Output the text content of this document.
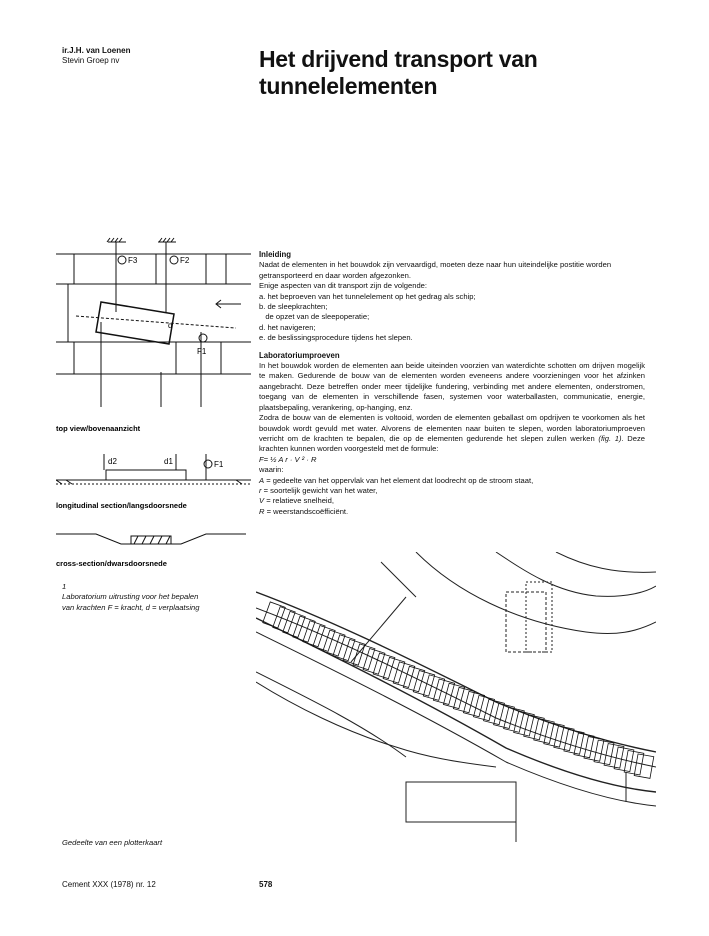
ir.J.H. van Loenen
Stevin Groep nv	Het drijvend transport van
tunnelelementen
F3	F2
F1
α
top view/bovenaanzicht
d2	d1	F1
longitudinal section/langsdoorsnede
cross-section/dwarsdoorsnede
1
Laboratorium uitrusting voor het bepalen
van krachten F = kracht, d = verplaatsing
Inleiding

Nadat de elementen in het bouwdok zijn vervaardigd, moeten deze naar hun uiteindelijke postitie worden getransporteerd en daar worden afgezonken.

Enige aspecten van dit transport zijn de volgende:

a. het beproeven van het tunnelelement op het gedrag als schip;

b. de sleepkrachten;

de opzet van de sleepoperatie;

d. het navigeren;

e. de beslissingsprocedure tijdens het slepen.

Laboratoriumproeven

In het bouwdok worden de elementen aan beide uiteinden voorzien van waterdichte schotten om drijven mogelijk te maken. Gedurende de bouw van de elementen worden eveneens andere voorzieningen voor het afzinken aangebracht. Deze betreffen onder meer tijdelijke fundering, verbinding met andere elementen, onderstromen, toegang van de elementen in verschillende fasen, systemen voor waterballasten, communicatie, energie, plaatsbepaling, verankering, op-hanging, enz.

Zodra de bouw van de elementen is voltooid, worden de elementen geballast om opdrijven te voorkomen als het bouwdok wordt gevuld met water. Alvorens de elementen naar buiten te slepen, worden laboratoriumproeven verricht om de krachten te bepalen, die op de elementen gedurende het slepen zullen werken (fig. 1). Deze krachten kunnen worden voorgesteld met de formule:

F= ½ A r · V ² · R

waarin:

A = gedeelte van het oppervlak van het element dat loodrecht op de stroom staat,

r = soortelijk gewicht van het water,

V = relatieve snelheid,

R = weerstandscoëfficiënt.

Gedeelte van een plotterkaart
Cement XXX (1978) nr. 12	578
